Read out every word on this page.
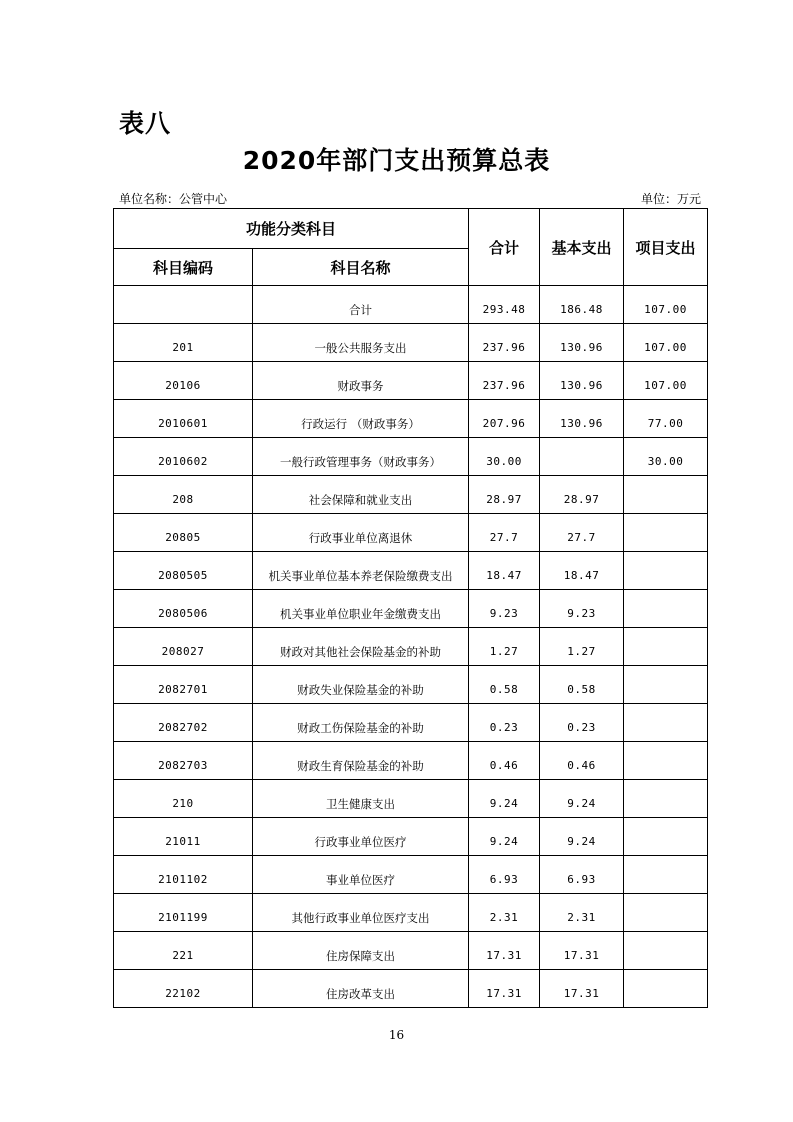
表八
2020年部门支出预算总表
单位名称：公管中心	单位：万元
功能分类科目		合计	基本支出	项目支出
科目编码	科目名称			
	合计	293.48	186.48	107.00
201	一般公共服务支出	237.96	130.96	107.00
20106	财政事务	237.96	130.96	107.00
2010601	行政运行 （财政事务）	207.96	130.96	77.00
2010602	一般行政管理事务（财政事务）	30.00		30.00
208	社会保障和就业支出	28.97	28.97	
20805	行政事业单位离退休	27.7	27.7	
2080505	机关事业单位基本养老保险缴费支出	18.47	18.47	
2080506	机关事业单位职业年金缴费支出	9.23	9.23	
208027	财政对其他社会保险基金的补助	1.27	1.27	
2082701	财政失业保险基金的补助	0.58	0.58	
2082702	财政工伤保险基金的补助	0.23	0.23	
2082703	财政生育保险基金的补助	0.46	0.46	
210	卫生健康支出	9.24	9.24	
21011	行政事业单位医疗	9.24	9.24	
2101102	事业单位医疗	6.93	6.93	
2101199	其他行政事业单位医疗支出	2.31	2.31	
221	住房保障支出	17.31	17.31	
22102	住房改革支出	17.31	17.31	
16
